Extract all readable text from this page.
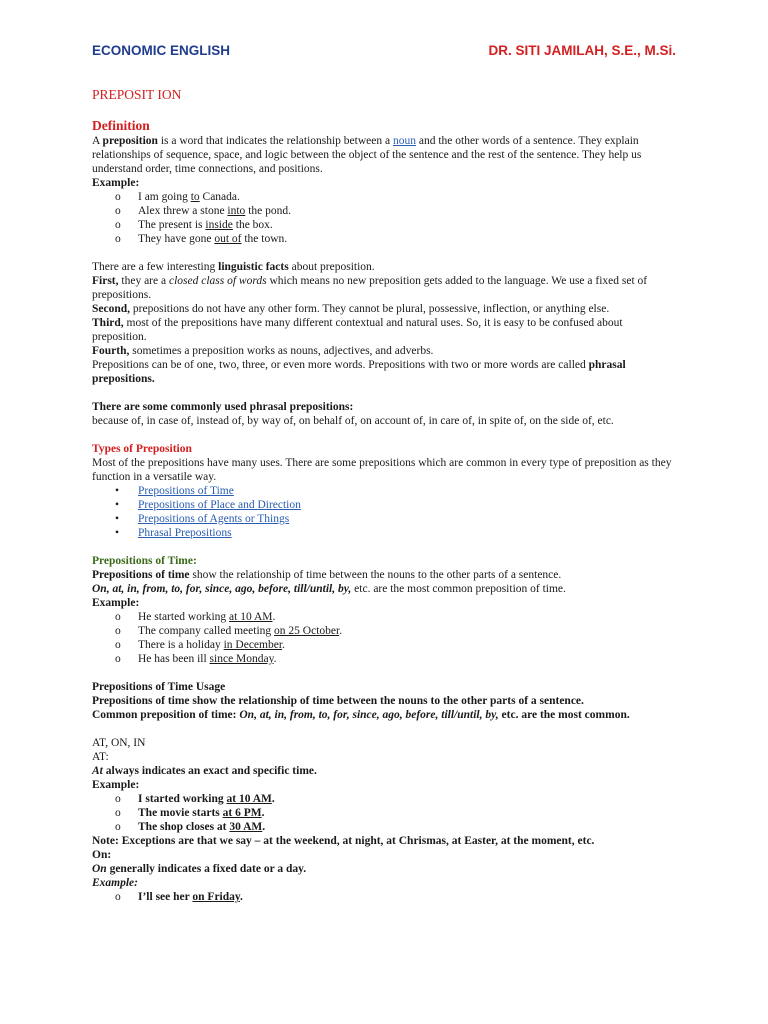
ECONOMIC ENGLISH	DR. SITI JAMILAH, S.E., M.Si.

PREPOSIT ION

Definition

A preposition is a word that indicates the relationship between a noun and the other words of a sentence. They explain relationships of sequence, space, and logic between the object of the sentence and the rest of the sentence. They help us understand order, time connections, and positions.

Example:

o I am going to Canada.
o Alex threw a stone into the pond.
o The present is inside the box.
o They have gone out of the town.

There are a few interesting linguistic facts about preposition.

First, they are a closed class of words which means no new preposition gets added to the language. We use a fixed set of prepositions.

Second, prepositions do not have any other form. They cannot be plural, possessive, inflection, or anything else.

Third, most of the prepositions have many different contextual and natural uses. So, it is easy to be confused about preposition.

Fourth, sometimes a preposition works as nouns, adjectives, and adverbs.

Prepositions can be of one, two, three, or even more words. Prepositions with two or more words are called phrasal prepositions.

There are some commonly used phrasal prepositions:

because of, in case of, instead of, by way of, on behalf of, on account of, in care of, in spite of, on the side of, etc.

Types of Preposition

Most of the prepositions have many uses. There are some prepositions which are common in every type of preposition as they function in a versatile way.

• Prepositions of Time
• Prepositions of Place and Direction
• Prepositions of Agents or Things
• Phrasal Prepositions

Prepositions of Time:

Prepositions of time show the relationship of time between the nouns to the other parts of a sentence.

On, at, in, from, to, for, since, ago, before, till/until, by, etc. are the most common preposition of time.

Example:

o He started working at 10 AM.
o The company called meeting on 25 October.
o There is a holiday in December.
o He has been ill since Monday.

Prepositions of Time Usage

Prepositions of time show the relationship of time between the nouns to the other parts of a sentence.

Common preposition of time: On, at, in, from, to, for, since, ago, before, till/until, by, etc. are the most common.

AT, ON, IN

AT:

At always indicates an exact and specific time.

Example:

o I started working at 10 AM.
o The movie starts at 6 PM.
o The shop closes at 30 AM.

Note: Exceptions are that we say – at the weekend, at night, at Chrismas, at Easter, at the moment, etc.

On:

On generally indicates a fixed date or a day.

Example:

o I’ll see her on Friday.
